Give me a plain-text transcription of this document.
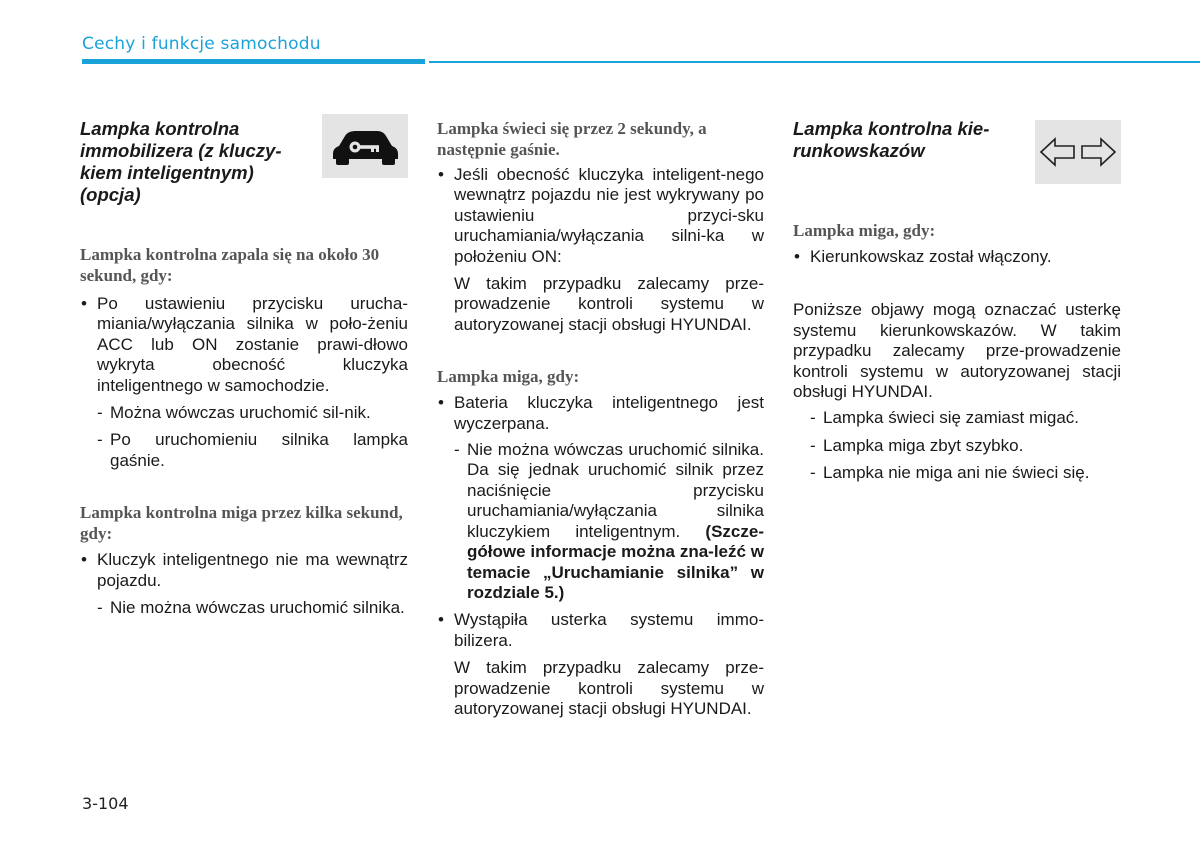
Cechy i funkcje samochodu
Lampka kontrolna immobilizera (z kluczy-kiem inteligentnym) (opcja)
Lampka kontrolna zapala się na około 30 sekund, gdy:
• Po ustawieniu przycisku urucha-miania/wyłączania silnika w poło-żeniu ACC lub ON zostanie prawi-dłowo wykryta obecność kluczyka inteligentnego w samochodzie.
- Można wówczas uruchomić sil-nik.
- Po uruchomieniu silnika lampka gaśnie.
Lampka kontrolna miga przez kilka sekund, gdy:
• Kluczyk inteligentnego nie ma wewnątrz pojazdu.
- Nie można wówczas uruchomić silnika.
Lampka świeci się przez 2 sekundy, a następnie gaśnie.
• Jeśli obecność kluczyka inteligent-nego wewnątrz pojazdu nie jest wykrywany po ustawieniu przyci-sku uruchamiania/wyłączania silni-ka w położeniu ON:
W takim przypadku zalecamy prze-prowadzenie kontroli systemu w autoryzowanej stacji obsługi HYUNDAI.
Lampka miga, gdy:
• Bateria kluczyka inteligentnego jest wyczerpana.
- Nie można wówczas uruchomić silnika. Da się jednak uruchomić silnik przez naciśnięcie przycisku uruchamiania/wyłączania silnika kluczykiem inteligentnym. (Szcze-gółowe informacje można zna-leźć w temacie „Uruchamianie silnika” w rozdziale 5.)
• Wystąpiła usterka systemu immo-bilizera.
W takim przypadku zalecamy prze-prowadzenie kontroli systemu w autoryzowanej stacji obsługi HYUNDAI.
Lampka kontrolna kie-runkowskazów
Lampka miga, gdy:
• Kierunkowskaz został włączony.
Poniższe objawy mogą oznaczać usterkę systemu kierunkowskazów. W takim przypadku zalecamy prze-prowadzenie kontroli systemu w autoryzowanej stacji obsługi HYUNDAI.
- Lampka świeci się zamiast migać.
- Lampka miga zbyt szybko.
- Lampka nie miga ani nie świeci się.
3-104
